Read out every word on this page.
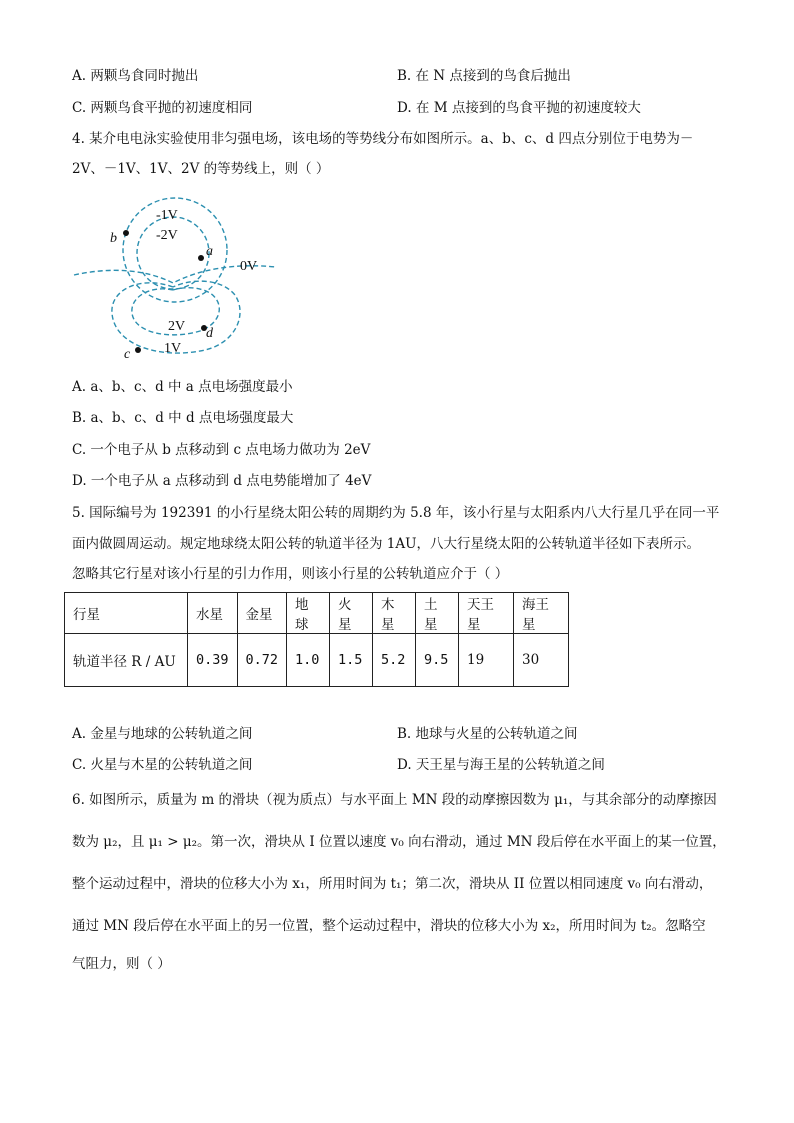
A. 两颗鸟食同时抛出	B. 在 N 点接到的鸟食后抛出
C. 两颗鸟食平抛的初速度相同	D. 在 M 点接到的鸟食平抛的初速度较大
4. 某介电电泳实验使用非匀强电场，该电场的等势线分布如图所示。a、b、c、d 四点分别位于电势为－
2V、－1V、1V、2V 的等势线上，则（ ）
-1V
-2V
0V
2V
1V
b
a
d
c
A. a、b、c、d 中 a 点电场强度最小
B. a、b、c、d 中 d 点电场强度最大
C. 一个电子从 b 点移动到 c 点电场力做功为 2eV
D. 一个电子从 a 点移动到 d 点电势能增加了 4eV
5. 国际编号为 192391 的小行星绕太阳公转的周期约为 5.8 年，该小行星与太阳系内八大行星几乎在同一平
面内做圆周运动。规定地球绕太阳公转的轨道半径为 1AU，八大行星绕太阳的公转轨道半径如下表所示。
忽略其它行星对该小行星的引力作用，则该小行星的公转轨道应介于（ ）
行星	水星	金星	地球	火星	木星	土星	天王星	海王星
轨道半径 R / AU	0.39	0.72	1.0	1.5	5.2	9.5	19	30
A. 金星与地球的公转轨道之间	B. 地球与火星的公转轨道之间
C. 火星与木星的公转轨道之间	D. 天王星与海王星的公转轨道之间
6. 如图所示，质量为 m 的滑块（视为质点）与水平面上 MN 段的动摩擦因数为 μ₁，与其余部分的动摩擦因
数为 μ₂，且 μ₁ > μ₂。第一次，滑块从 I 位置以速度 v₀ 向右滑动，通过 MN 段后停在水平面上的某一位置，
整个运动过程中，滑块的位移大小为 x₁，所用时间为 t₁；第二次，滑块从 II 位置以相同速度 v₀ 向右滑动，
通过 MN 段后停在水平面上的另一位置，整个运动过程中，滑块的位移大小为 x₂，所用时间为 t₂。忽略空
气阻力，则（ ）
